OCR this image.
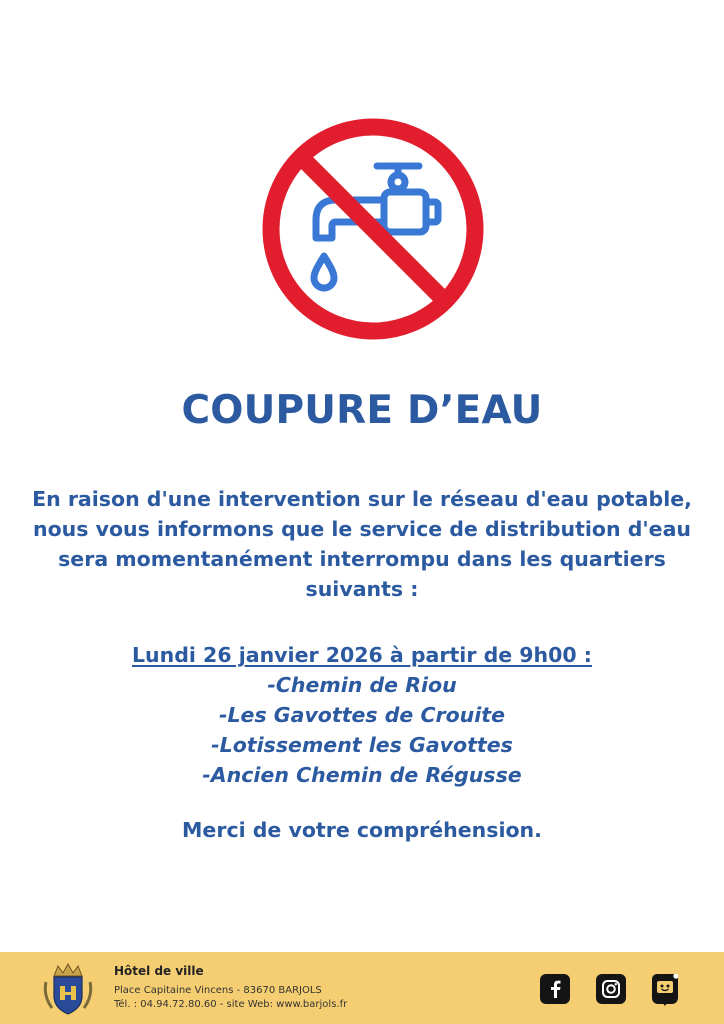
COUPURE D’EAU
En raison d'une intervention sur le réseau d'eau potable, nous vous informons que le service de distribution d'eau sera momentanément interrompu dans les quartiers suivants :
Lundi 26 janvier 2026 à partir de 9h00 :
-Chemin de Riou
-Les Gavottes de Crouite
-Lotissement les Gavottes
-Ancien Chemin de Régusse
Merci de votre compréhension.
Hôtel de ville
Place Capitaine Vincens - 83670 BARJOLS
Tél. : 04.94.72.80.60 - site Web: www.barjols.fr
